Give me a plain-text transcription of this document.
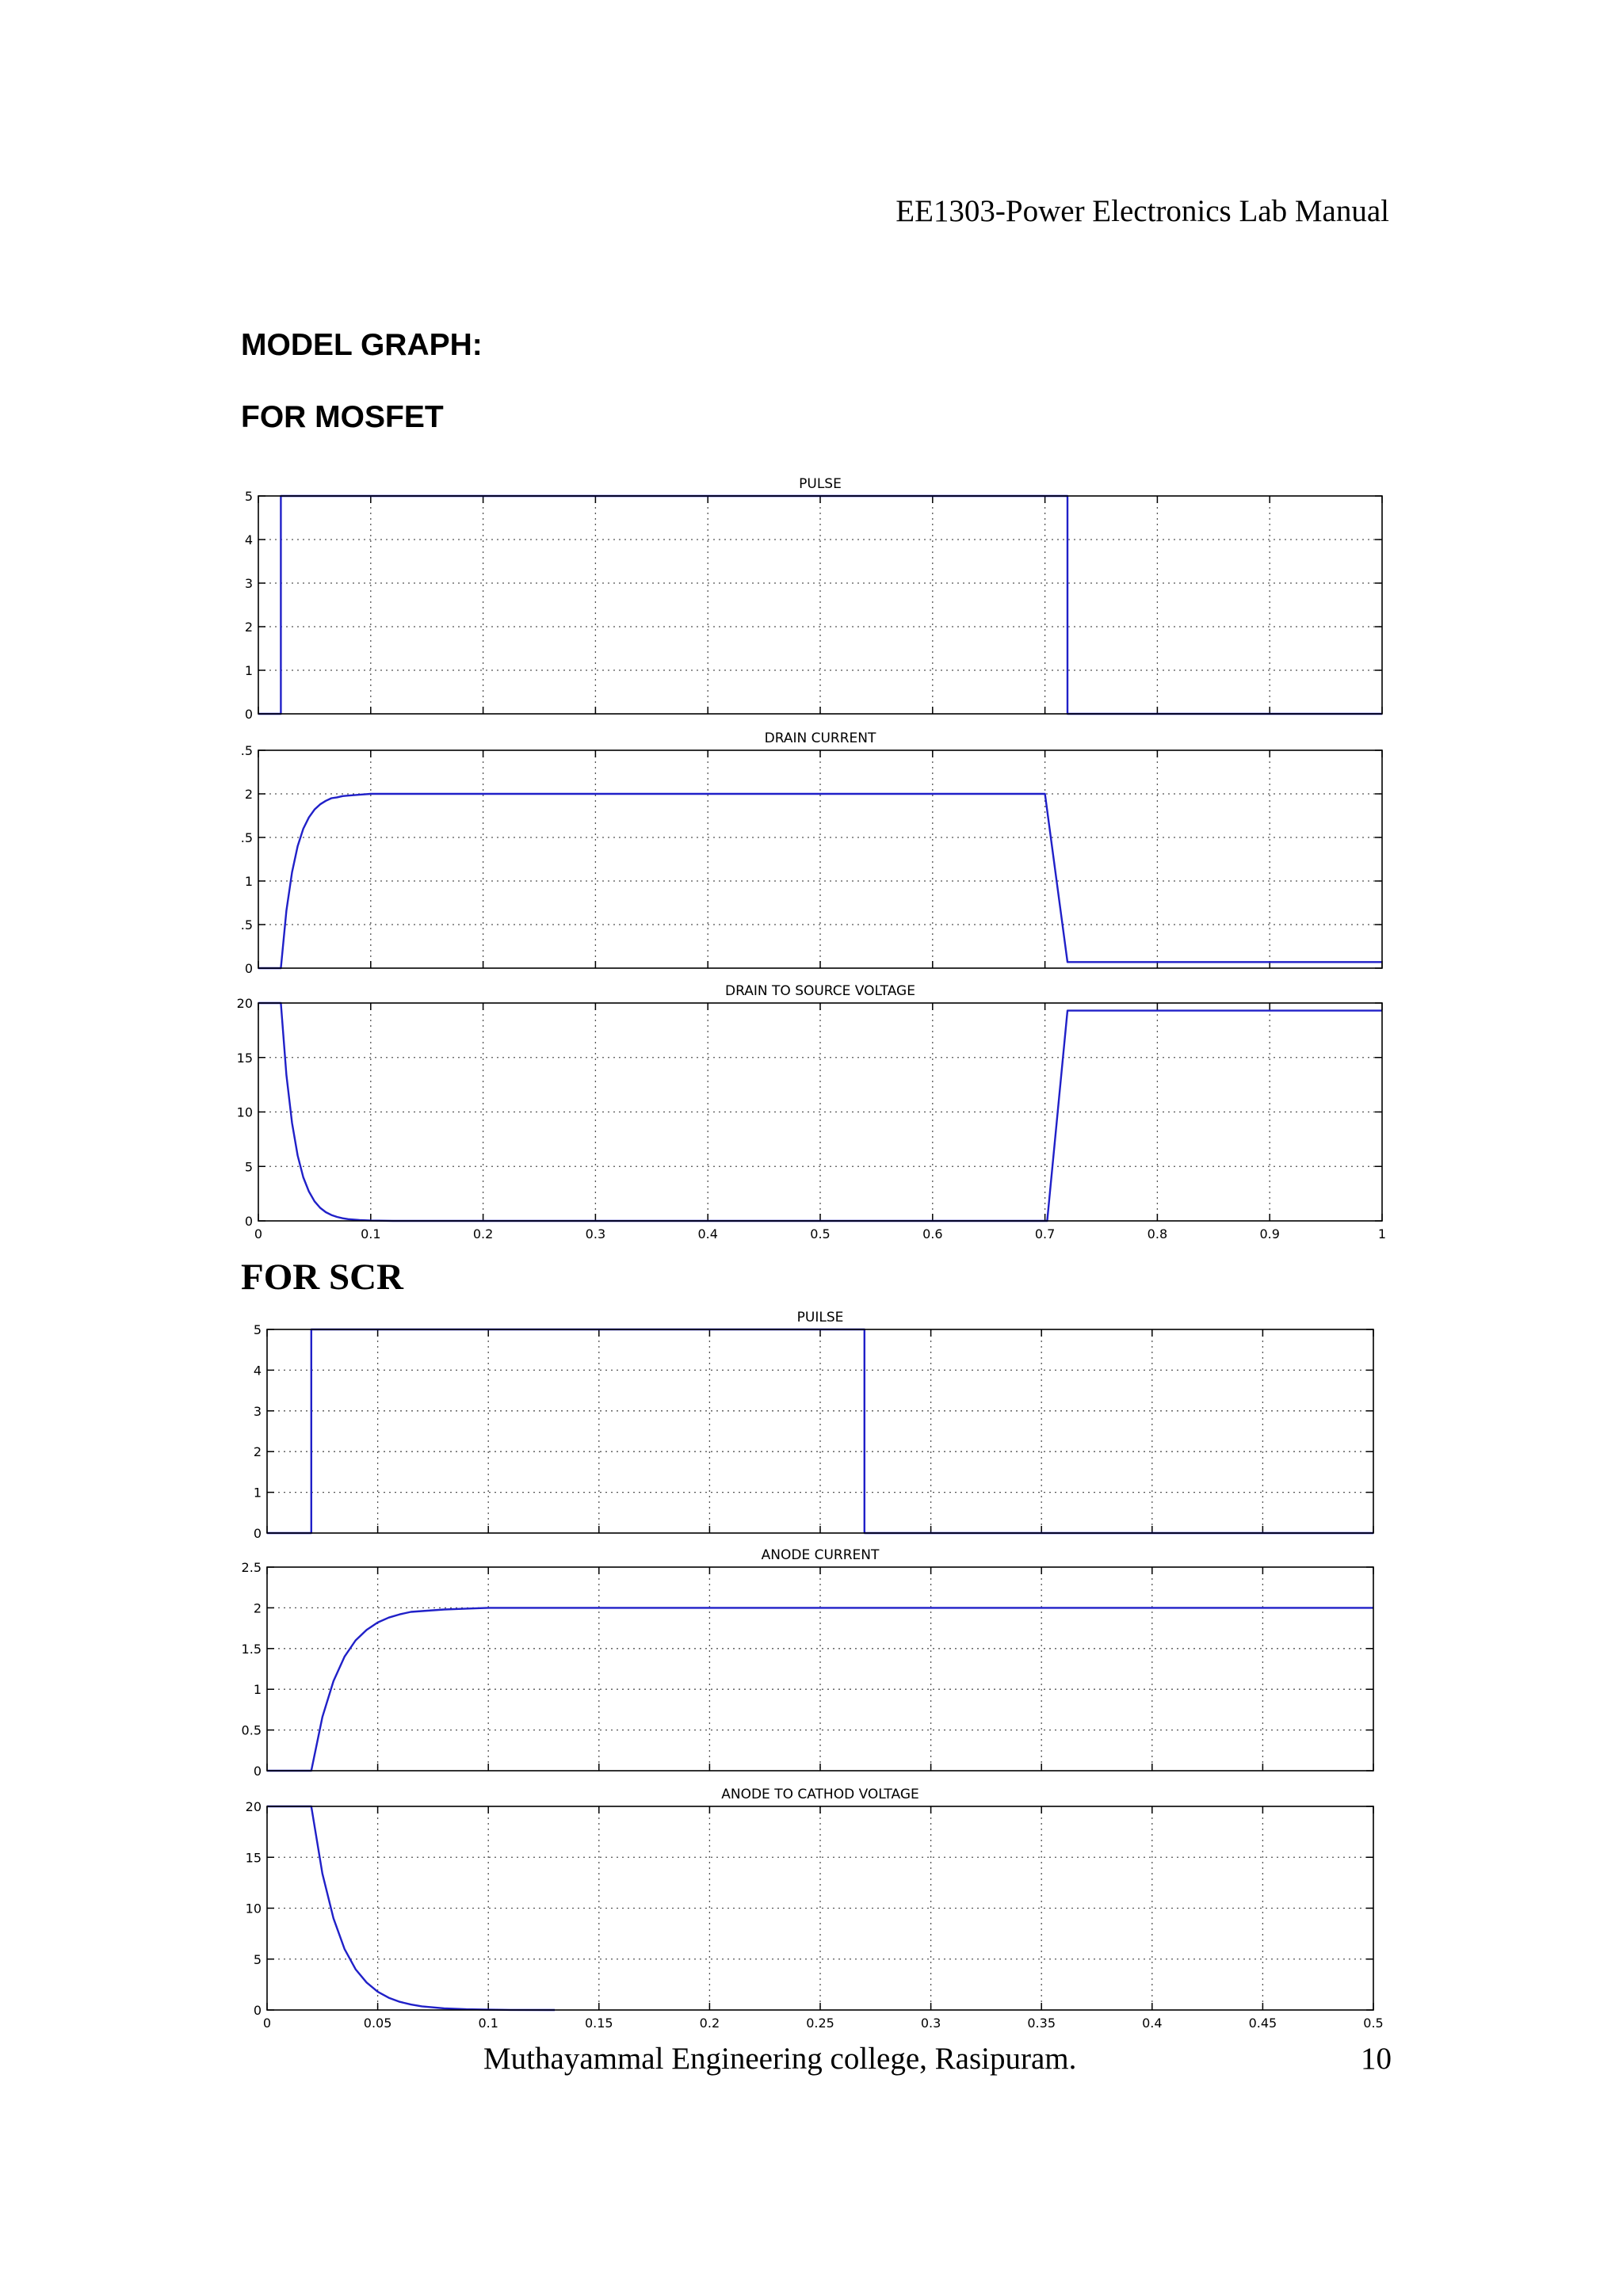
EE1303-Power Electronics Lab Manual
MODEL GRAPH:
FOR MOSFET
FOR SCR
PULSE
0
1
2
3
4
5
DRAIN CURRENT
0
.5
1
.5
2
.5
DRAIN TO SOURCE VOLTAGE
0
5
10
15
20
0	0.1	0.2	0.3	0.4	0.5	0.6	0.7	0.8	0.9	1
PUILSE
0
1
2
3
4
5
ANODE CURRENT
0
0.5
1
1.5
2
2.5
ANODE TO CATHOD VOLTAGE
0
5
10
15
20
0	0.05	0.1	0.15	0.2	0.25	0.3	0.35	0.4	0.45	0.5
Muthayammal Engineering college, Rasipuram.	10
